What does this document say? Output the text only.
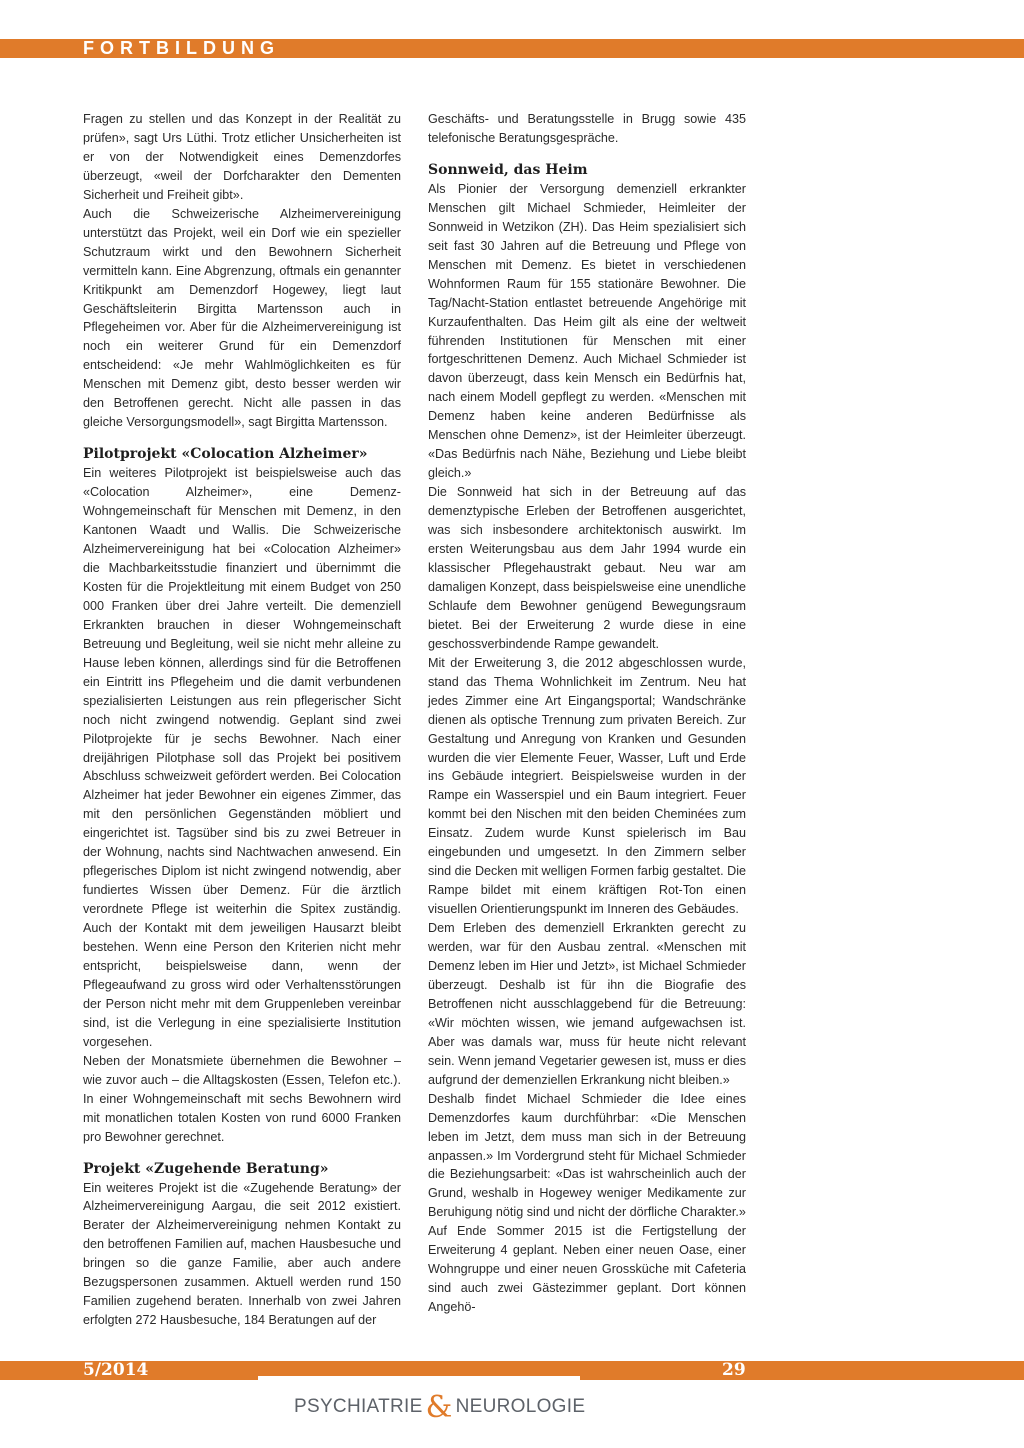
FORTBILDUNG

Fragen zu stellen und das Konzept in der Realität zu prüfen», sagt Urs Lüthi. Trotz etlicher Unsicherheiten ist er von der Notwendigkeit eines Demenzdorfes überzeugt, «weil der Dorfcharakter den Dementen Sicherheit und Freiheit gibt».

Auch die Schweizerische Alzheimervereinigung unterstützt das Projekt, weil ein Dorf wie ein spezieller Schutzraum wirkt und den Bewohnern Sicherheit vermitteln kann. Eine Abgrenzung, oftmals ein genannter Kritikpunkt am Demenzdorf Hogewey, liegt laut Geschäftsleiterin Birgitta Martensson auch in Pflegeheimen vor. Aber für die Alzheimervereinigung ist noch ein weiterer Grund für ein Demenzdorf entscheidend: «Je mehr Wahlmöglichkeiten es für Menschen mit Demenz gibt, desto besser werden wir den Betroffenen gerecht. Nicht alle passen in das gleiche Versorgungsmodell», sagt Birgitta Martensson.

Pilotprojekt «Colocation Alzheimer»

Ein weiteres Pilotprojekt ist beispielsweise auch das «Colocation Alzheimer», eine Demenz-Wohngemeinschaft für Menschen mit Demenz, in den Kantonen Waadt und Wallis. Die Schweizerische Alzheimervereinigung hat bei «Colocation Alzheimer» die Machbarkeitsstudie finanziert und übernimmt die Kosten für die Projektleitung mit einem Budget von 250 000 Franken über drei Jahre verteilt. Die demenziell Erkrankten brauchen in dieser Wohngemeinschaft Betreuung und Begleitung, weil sie nicht mehr alleine zu Hause leben können, allerdings sind für die Betroffenen ein Eintritt ins Pflegeheim und die damit verbundenen spezialisierten Leistungen aus rein pflegerischer Sicht noch nicht zwingend notwendig. Geplant sind zwei Pilotprojekte für je sechs Bewohner. Nach einer dreijährigen Pilotphase soll das Projekt bei positivem Abschluss schweizweit gefördert werden. Bei Colocation Alzheimer hat jeder Bewohner ein eigenes Zimmer, das mit den persönlichen Gegenständen möbliert und eingerichtet ist. Tagsüber sind bis zu zwei Betreuer in der Wohnung, nachts sind Nachtwachen anwesend. Ein pflegerisches Diplom ist nicht zwingend notwendig, aber fundiertes Wissen über Demenz. Für die ärztlich verordnete Pflege ist weiterhin die Spitex zuständig. Auch der Kontakt mit dem jeweiligen Hausarzt bleibt bestehen. Wenn eine Person den Kriterien nicht mehr entspricht, beispielsweise dann, wenn der Pflegeaufwand zu gross wird oder Verhaltensstörungen der Person nicht mehr mit dem Gruppenleben vereinbar sind, ist die Verlegung in eine spezialisierte Institution vorgesehen.

Neben der Monatsmiete übernehmen die Bewohner – wie zuvor auch – die Alltagskosten (Essen, Telefon etc.). In einer Wohngemeinschaft mit sechs Bewohnern wird mit monatlichen totalen Kosten von rund 6000 Franken pro Bewohner gerechnet.

Projekt «Zugehende Beratung»

Ein weiteres Projekt ist die «Zugehende Beratung» der Alzheimervereinigung Aargau, die seit 2012 existiert. Berater der Alzheimervereinigung nehmen Kontakt zu den betroffenen Familien auf, machen Hausbesuche und bringen so die ganze Familie, aber auch andere Bezugspersonen zusammen. Aktuell werden rund 150 Familien zugehend beraten. Innerhalb von zwei Jahren erfolgten 272 Hausbesuche, 184 Beratungen auf der

Geschäfts- und Beratungsstelle in Brugg sowie 435 telefonische Beratungsgespräche.

Sonnweid, das Heim

Als Pionier der Versorgung demenziell erkrankter Menschen gilt Michael Schmieder, Heimleiter der Sonnweid in Wetzikon (ZH). Das Heim spezialisiert sich seit fast 30 Jahren auf die Betreuung und Pflege von Menschen mit Demenz. Es bietet in verschiedenen Wohnformen Raum für 155 stationäre Bewohner. Die Tag/Nacht-Station entlastet betreuende Angehörige mit Kurzaufenthalten. Das Heim gilt als eine der weltweit führenden Institutionen für Menschen mit einer fortgeschrittenen Demenz. Auch Michael Schmieder ist davon überzeugt, dass kein Mensch ein Bedürfnis hat, nach einem Modell gepflegt zu werden. «Menschen mit Demenz haben keine anderen Bedürfnisse als Menschen ohne Demenz», ist der Heimleiter überzeugt. «Das Bedürfnis nach Nähe, Beziehung und Liebe bleibt gleich.»

Die Sonnweid hat sich in der Betreuung auf das demenztypische Erleben der Betroffenen ausgerichtet, was sich insbesondere architektonisch auswirkt. Im ersten Weiterungsbau aus dem Jahr 1994 wurde ein klassischer Pflegehaustrakt gebaut. Neu war am damaligen Konzept, dass beispielsweise eine unendliche Schlaufe dem Bewohner genügend Bewegungsraum bietet. Bei der Erweiterung 2 wurde diese in eine geschossverbindende Rampe gewandelt.

Mit der Erweiterung 3, die 2012 abgeschlossen wurde, stand das Thema Wohnlichkeit im Zentrum. Neu hat jedes Zimmer eine Art Eingangsportal; Wandschränke dienen als optische Trennung zum privaten Bereich. Zur Gestaltung und Anregung von Kranken und Gesunden wurden die vier Elemente Feuer, Wasser, Luft und Erde ins Gebäude integriert. Beispielsweise wurden in der Rampe ein Wasserspiel und ein Baum integriert. Feuer kommt bei den Nischen mit den beiden Cheminées zum Einsatz. Zudem wurde Kunst spielerisch im Bau eingebunden und umgesetzt. In den Zimmern selber sind die Decken mit welligen Formen farbig gestaltet. Die Rampe bildet mit einem kräftigen Rot-Ton einen visuellen Orientierungspunkt im Inneren des Gebäudes.

Dem Erleben des demenziell Erkrankten gerecht zu werden, war für den Ausbau zentral. «Menschen mit Demenz leben im Hier und Jetzt», ist Michael Schmieder überzeugt. Deshalb ist für ihn die Biografie des Betroffenen nicht ausschlaggebend für die Betreuung: «Wir möchten wissen, wie jemand aufgewachsen ist. Aber was damals war, muss für heute nicht relevant sein. Wenn jemand Vegetarier gewesen ist, muss er dies aufgrund der demenziellen Erkrankung nicht bleiben.»

Deshalb findet Michael Schmieder die Idee eines Demenzdorfes kaum durchführbar: «Die Menschen leben im Jetzt, dem muss man sich in der Betreuung anpassen.» Im Vordergrund steht für Michael Schmieder die Beziehungsarbeit: «Das ist wahrscheinlich auch der Grund, weshalb in Hogewey weniger Medikamente zur Beruhigung nötig sind und nicht der dörfliche Charakter.»

Auf Ende Sommer 2015 ist die Fertigstellung der Erweiterung 4 geplant. Neben einer neuen Oase, einer Wohngruppe und einer neuen Grossküche mit Cafeteria sind auch zwei Gästezimmer geplant. Dort können Angehö-

5/2014	29
PSYCHIATRIE & NEUROLOGIE
